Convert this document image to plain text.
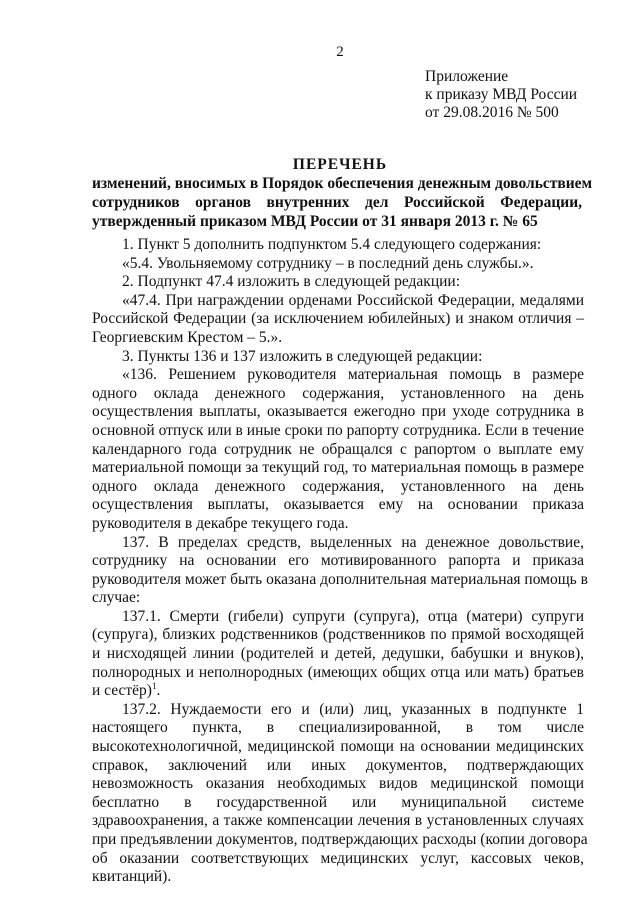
2
Приложение
к приказу МВД России
от 29.08.2016 № 500
ПЕРЕЧЕНЬ
изменений, вносимых в Порядок обеспечения денежным довольствием
сотрудников органов внутренних дел Российской Федерации,
утвержденный приказом МВД России от 31 января 2013 г. № 65
1. Пункт 5 дополнить подпунктом 5.4 следующего содержания:
«5.4. Увольняемому сотруднику – в последний день службы.».
2. Подпункт 47.4 изложить в следующей редакции:
«47.4. При награждении орденами Российской Федерации, медалями
Российской Федерации (за исключением юбилейных) и знаком отличия –
Георгиевским Крестом – 5.».
3. Пункты 136 и 137 изложить в следующей редакции:
«136. Решением руководителя материальная помощь в размере
одного оклада денежного содержания, установленного на день
осуществления выплаты, оказывается ежегодно при уходе сотрудника в
основной отпуск или в иные сроки по рапорту сотрудника. Если в течение
календарного года сотрудник не обращался с рапортом о выплате ему
материальной помощи за текущий год, то материальная помощь в размере
одного оклада денежного содержания, установленного на день
осуществления выплаты, оказывается ему на основании приказа
руководителя в декабре текущего года.
137. В пределах средств, выделенных на денежное довольствие,
сотруднику на основании его мотивированного рапорта и приказа
руководителя может быть оказана дополнительная материальная помощь в
случае:
137.1. Смерти (гибели) супруги (супруга), отца (матери) супруги
(супруга), близких родственников (родственников по прямой восходящей
и нисходящей линии (родителей и детей, дедушки, бабушки и внуков),
полнородных и неполнородных (имеющих общих отца или мать) братьев
и сестёр)$^1$.
137.2. Нуждаемости его и (или) лиц, указанных в подпункте 1
настоящего пункта, в специализированной, в том числе
высокотехнологичной, медицинской помощи на основании медицинских
справок, заключений или иных документов, подтверждающих
невозможность оказания необходимых видов медицинской помощи
бесплатно в государственной или муниципальной системе
здравоохранения, а также компенсации лечения в установленных случаях
при предъявлении документов, подтверждающих расходы (копии договора
об оказании соответствующих медицинских услуг, кассовых чеков,
квитанций).
